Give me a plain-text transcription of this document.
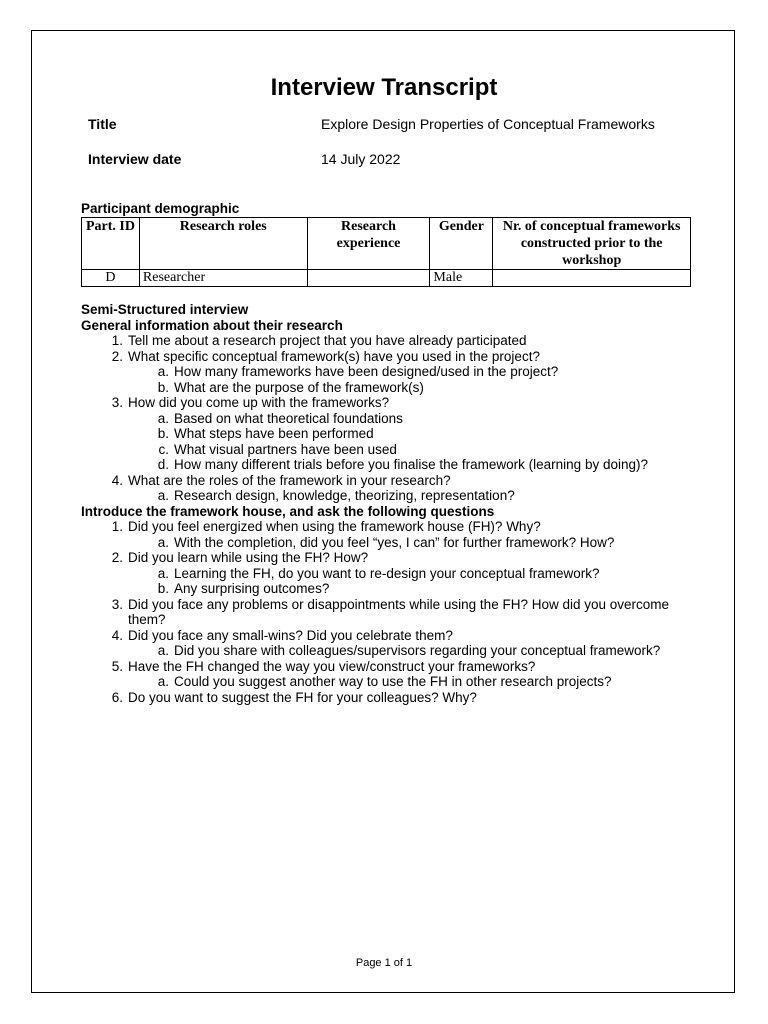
Interview Transcript
Title	Explore Design Properties of Conceptual Frameworks
Interview date	14 July 2022
Participant demographic
Part. ID	Research roles	Research experience	Gender	Nr. of conceptual frameworks constructed prior to the workshop
D	Researcher		Male	
Semi-Structured interview
General information about their research
1. Tell me about a research project that you have already participated
2. What specific conceptual framework(s) have you used in the project?
a. How many frameworks have been designed/used in the project?
b. What are the purpose of the framework(s)
3. How did you come up with the frameworks?
a. Based on what theoretical foundations
b. What steps have been performed
c. What visual partners have been used
d. How many different trials before you finalise the framework (learning by doing)?
4. What are the roles of the framework in your research?
a. Research design, knowledge, theorizing, representation?
Introduce the framework house, and ask the following questions
1. Did you feel energized when using the framework house (FH)? Why?
a. With the completion, did you feel “yes, I can” for further framework? How?
2. Did you learn while using the FH? How?
a. Learning the FH, do you want to re-design your conceptual framework?
b. Any surprising outcomes?
3. Did you face any problems or disappointments while using the FH? How did you overcome them?
4. Did you face any small-wins? Did you celebrate them?
a. Did you share with colleagues/supervisors regarding your conceptual framework?
5. Have the FH changed the way you view/construct your frameworks?
a. Could you suggest another way to use the FH in other research projects?
6. Do you want to suggest the FH for your colleagues? Why?
Page 1 of 1
